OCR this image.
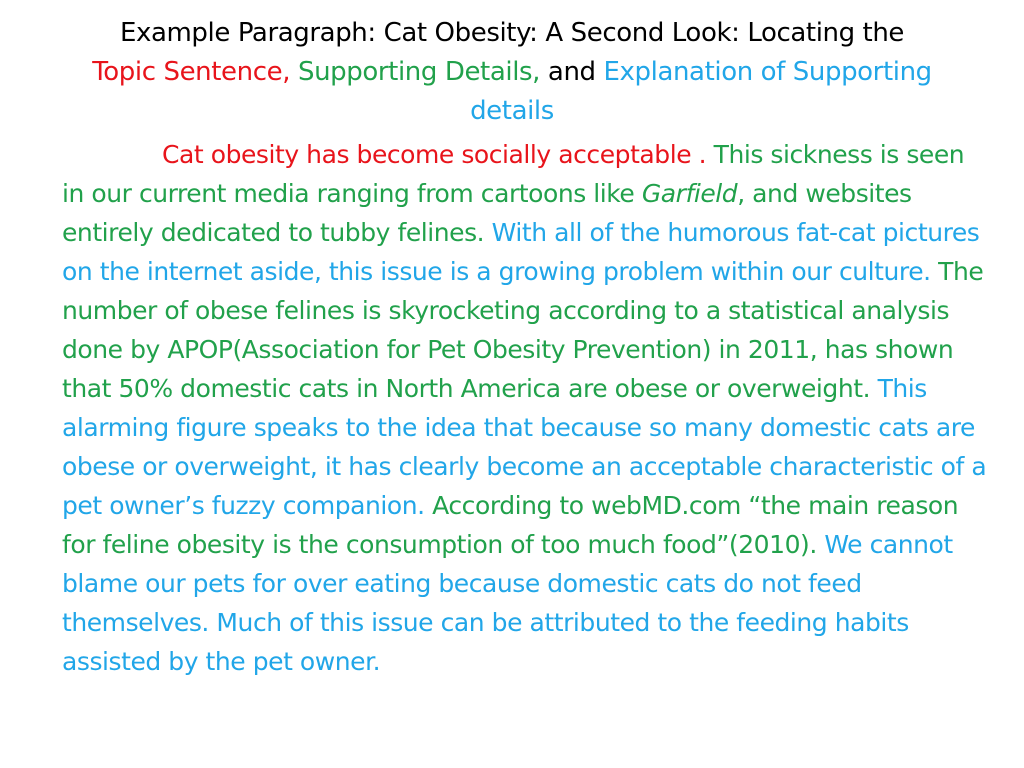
Example Paragraph: Cat Obesity: A Second Look: Locating the
Topic Sentence, Supporting Details, and Explanation of Supporting details
Cat obesity has become socially acceptable . This sickness is seen in our current media ranging from cartoons like Garfield, and websites entirely dedicated to tubby felines. With all of the humorous fat-cat pictures on the internet aside, this issue is a growing problem within our culture. The number of obese felines is skyrocketing according to a statistical analysis done by APOP(Association for Pet Obesity Prevention) in 2011, has shown that 50% domestic cats in North America are obese or overweight. This alarming figure speaks to the idea that because so many domestic cats are obese or overweight, it has clearly become an acceptable characteristic of a pet owner’s fuzzy companion. According to webMD.com “the main reason for feline obesity is the consumption of too much food”(2010). We cannot blame our pets for over eating because domestic cats do not feed themselves. Much of this issue can be attributed to the feeding habits assisted by the pet owner.
